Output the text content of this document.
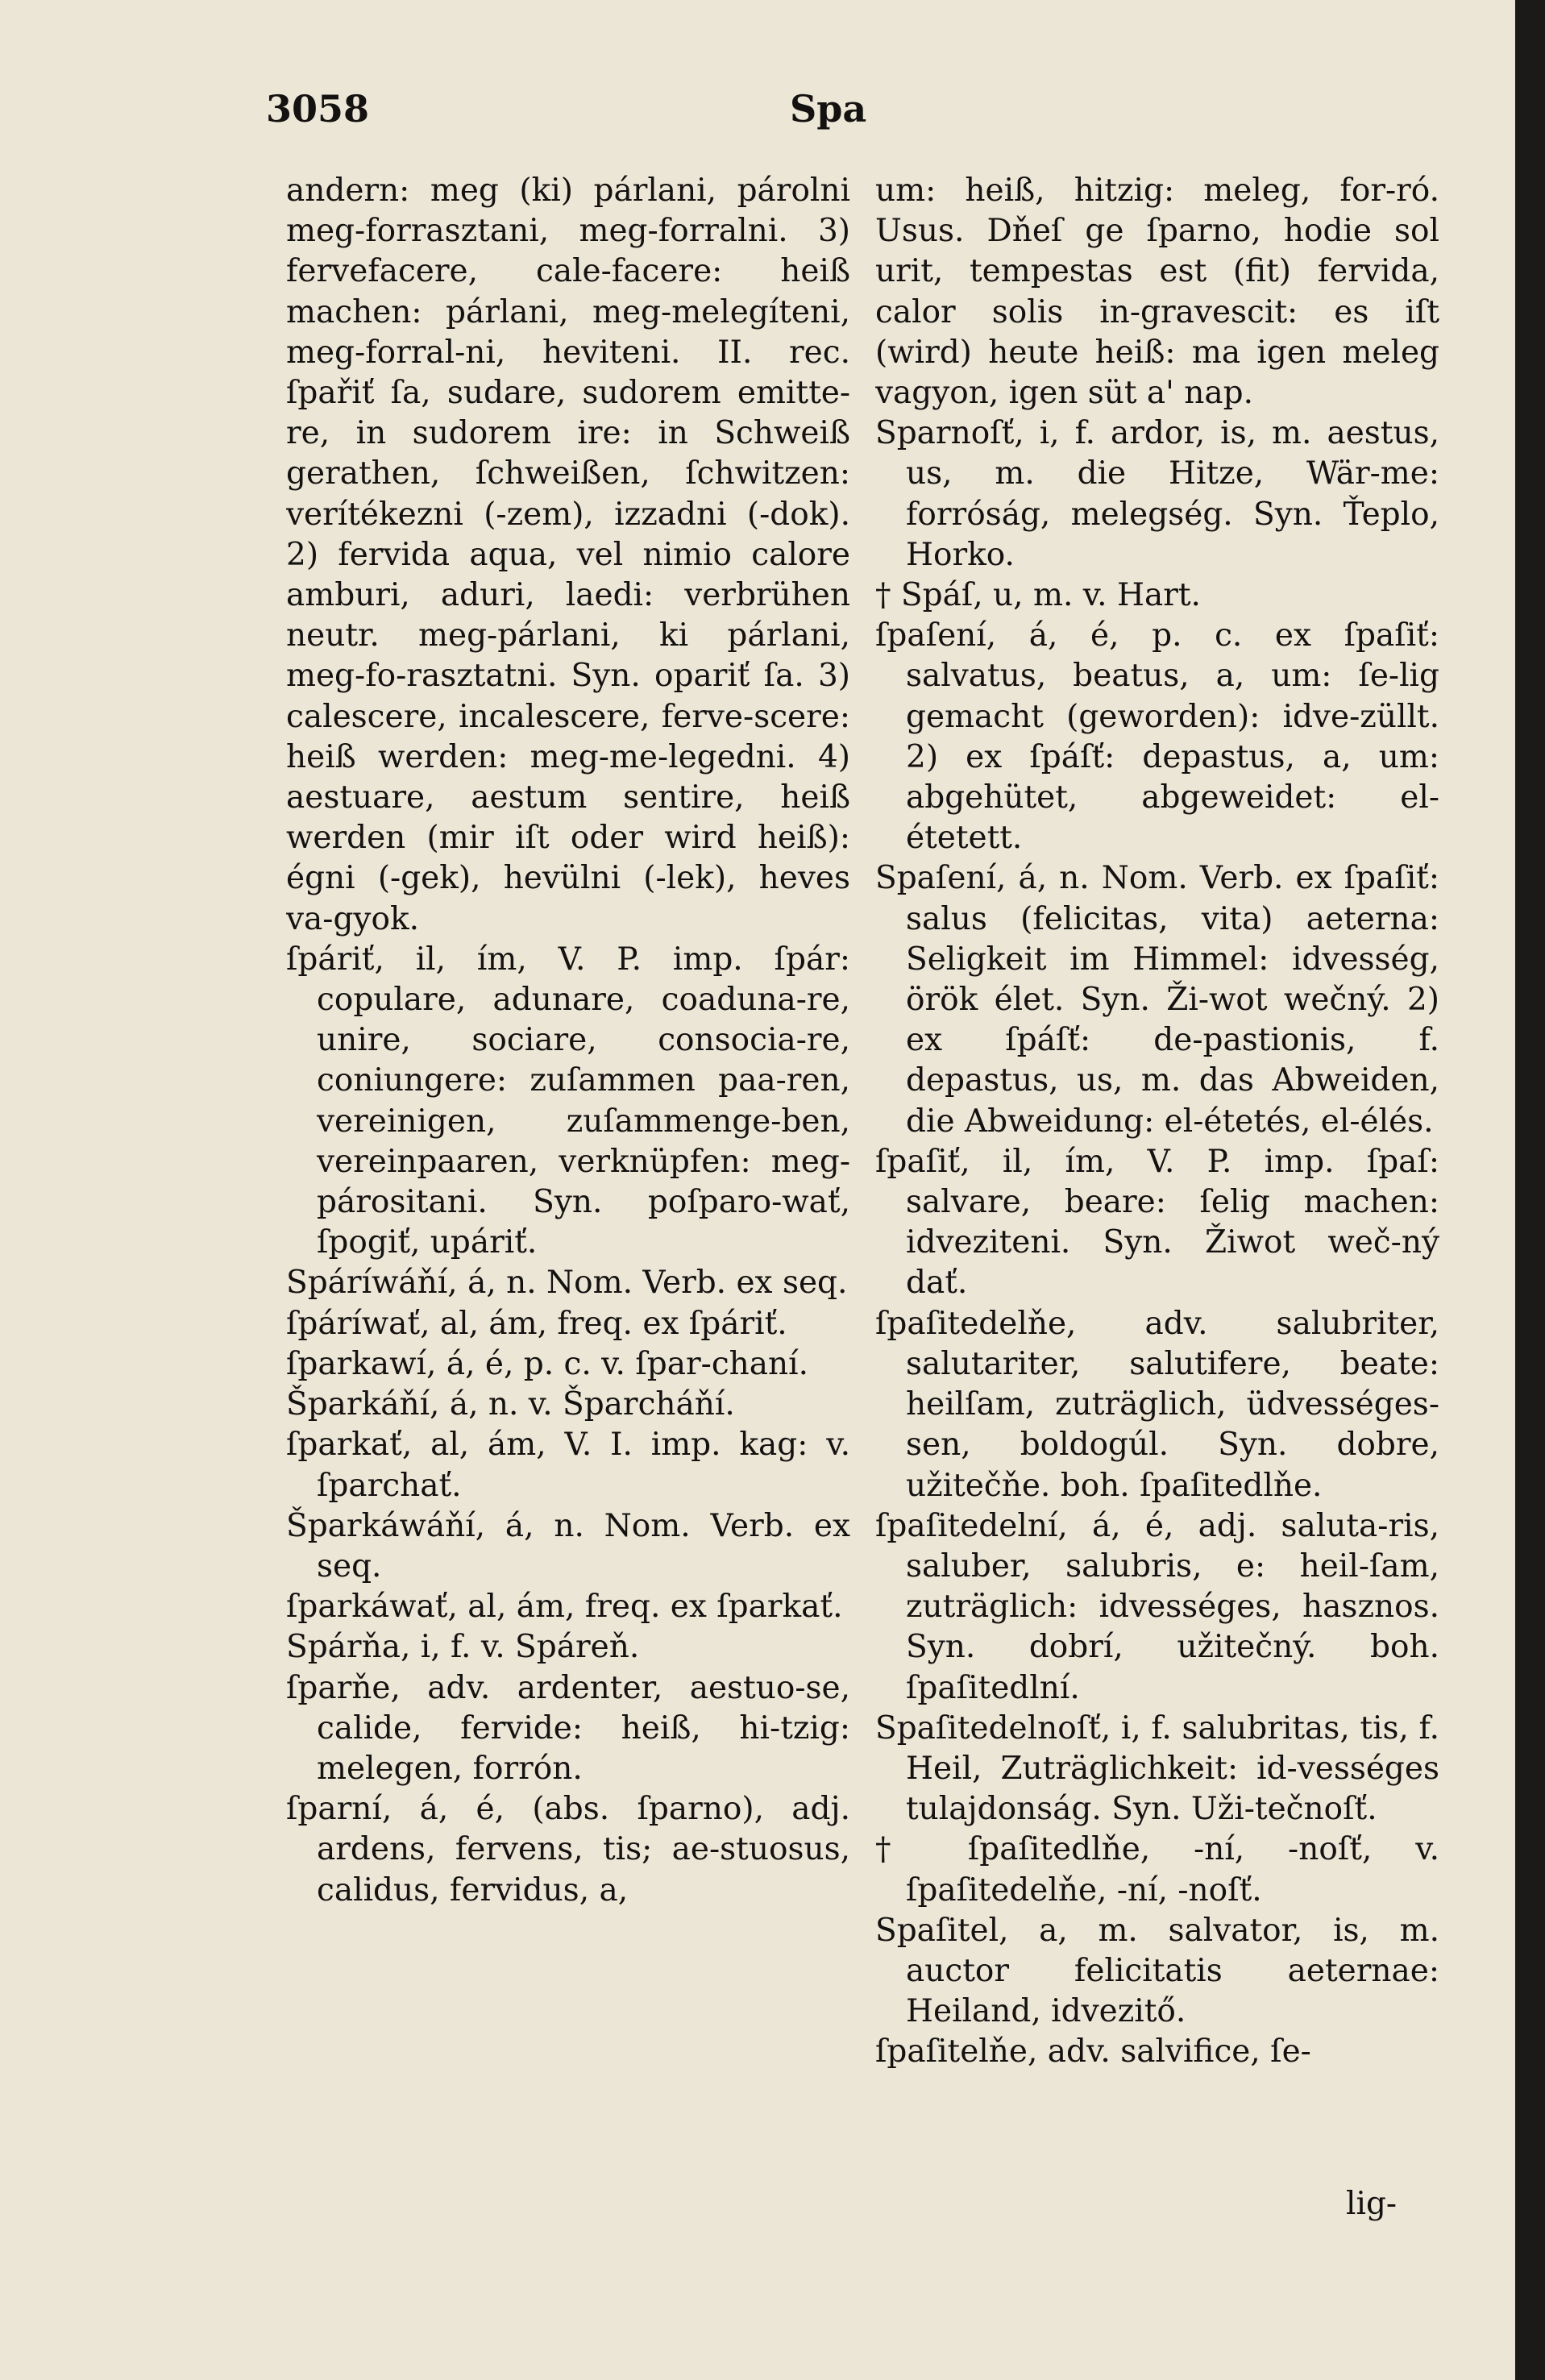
3058	Spa
andern: meg (ki) párlani, párolni meg-forrasztani, meg-forralni. 3) fervefacere, cale-facere: heiß machen: párlani, meg-melegíteni, meg-forral-ni, heviteni. II. rec. ſpařiť ſa, sudare, sudorem emitte-re, in sudorem ire: in Schweiß gerathen, ſchweißen, ſchwitzen: verítékezni (-zem), izzadni (-dok). 2) fervida aqua, vel nimio calore amburi, aduri, laedi: verbrühen neutr. meg-párlani, ki párlani, meg-fo-rasztatni. Syn. opariť ſa. 3) calescere, incalescere, ferve-scere: heiß werden: meg-me-legedni. 4) aestuare, aestum sentire, heiß werden (mir iſt oder wird heiß): égni (-gek), hevülni (-lek), heves va-gyok.
ſpáriť, il, ím, V. P. imp. ſpár: copulare, adunare, coaduna-re, unire, sociare, consocia-re, coniungere: zuſammen paa-ren, vereinigen, zuſammenge-ben, vereinpaaren, verknüpfen: meg-párositani. Syn. poſparo-wať, ſpogiť, upáriť.
Spáríwáňí, á, n. Nom. Verb. ex seq.
ſpáríwať, al, ám, freq. ex ſpáriť.
ſparkawí, á, é, p. c. v. ſpar-chaní.
Šparkáňí, á, n. v. Šparcháňí.
ſparkať, al, ám, V. I. imp. kag: v. ſparchať.
Šparkáwáňí, á, n. Nom. Verb. ex seq.
ſparkáwať, al, ám, freq. ex ſparkať.
Spárňa, i, f. v. Spáreň.
ſparňe, adv. ardenter, aestuo-se, calide, fervide: heiß, hi-tzig: melegen, forrón.
ſparní, á, é, (abs. ſparno), adj. ardens, fervens, tis; ae-stuosus, calidus, fervidus, a,
um: heiß, hitzig: meleg, for-ró. Usus. Dňeſ ge ſparno, hodie sol urit, tempestas est (fit) fervida, calor solis in-gravescit: es iſt (wird) heute heiß: ma igen meleg vagyon, igen süt a' nap.
Sparnoſť, i, f. ardor, is, m. aestus, us, m. die Hitze, Wär-me: forróság, melegség. Syn. Ťeplo, Horko.
† Spáſ, u, m. v. Hart.
ſpaſení, á, é, p. c. ex ſpaſiť: salvatus, beatus, a, um: ſe-lig gemacht (geworden): idve-züllt. 2) ex ſpáſť: depastus, a, um: abgehütet, abgeweidet: el-étetett.
Spaſení, á, n. Nom. Verb. ex ſpaſiť: salus (felicitas, vita) aeterna: Seligkeit im Himmel: idvesség, örök élet. Syn. Ži-wot wečný. 2) ex ſpáſť: de-pastionis, f. depastus, us, m. das Abweiden, die Abweidung: el-étetés, el-élés.
ſpaſiť, il, ím, V. P. imp. ſpaſ: salvare, beare: ſelig machen: idveziteni. Syn. Žiwot weč-ný dať.
ſpaſitedelňe, adv. salubriter, salutariter, salutifere, beate: heilſam, zuträglich, üdvességes-sen, boldogúl. Syn. dobre, užitečňe. boh. ſpaſitedlňe.
ſpaſitedelní, á, é, adj. saluta-ris, saluber, salubris, e: heil-ſam, zuträglich: idvességes, hasznos. Syn. dobrí, užitečný. boh. ſpaſitedlní.
Spaſitedelnoſť, i, f. salubritas, tis, f. Heil, Zuträglichkeit: id-vességes tulajdonság. Syn. Uži-tečnoſť.
† ſpaſitedlňe, -ní, -noſť, v. ſpaſitedelňe, -ní, -noſť.
Spaſitel, a, m. salvator, is, m. auctor felicitatis aeternae: Heiland, idvezitő.
ſpaſitelňe, adv. salvifice, ſe-
lig-
